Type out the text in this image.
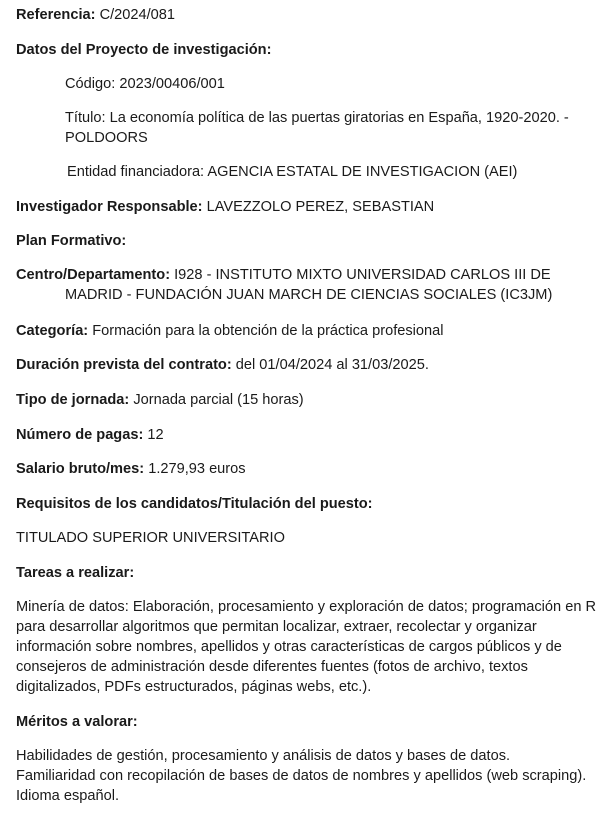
Referencia: C/2024/081
Datos del Proyecto de investigación:
Código: 2023/00406/001
Título: La economía política de las puertas giratorias en España, 1920-2020. - POLDOORS
Entidad financiadora: AGENCIA ESTATAL DE INVESTIGACION (AEI)
Investigador Responsable: LAVEZZOLO PEREZ, SEBASTIAN
Plan Formativo:
Centro/Departamento: I928 - INSTITUTO MIXTO UNIVERSIDAD CARLOS III DE MADRID - FUNDACIÓN JUAN MARCH DE CIENCIAS SOCIALES (IC3JM)
Categoría: Formación para la obtención de la práctica profesional
Duración prevista del contrato: del 01/04/2024 al 31/03/2025.
Tipo de jornada: Jornada parcial (15 horas)
Número de pagas: 12
Salario bruto/mes: 1.279,93 euros
Requisitos de los candidatos/Titulación del puesto:
TITULADO SUPERIOR UNIVERSITARIO
Tareas a realizar:
Minería de datos: Elaboración, procesamiento y exploración de datos; programación en R para desarrollar algoritmos que permitan localizar, extraer, recolectar y organizar información sobre nombres, apellidos y otras características de cargos públicos y de consejeros de administración desde diferentes fuentes (fotos de archivo, textos digitalizados, PDFs estructurados, páginas webs, etc.).
Méritos a valorar:
Habilidades de gestión, procesamiento y análisis de datos y bases de datos. Familiaridad con recopilación de bases de datos de nombres y apellidos (web scraping). Idioma español.
